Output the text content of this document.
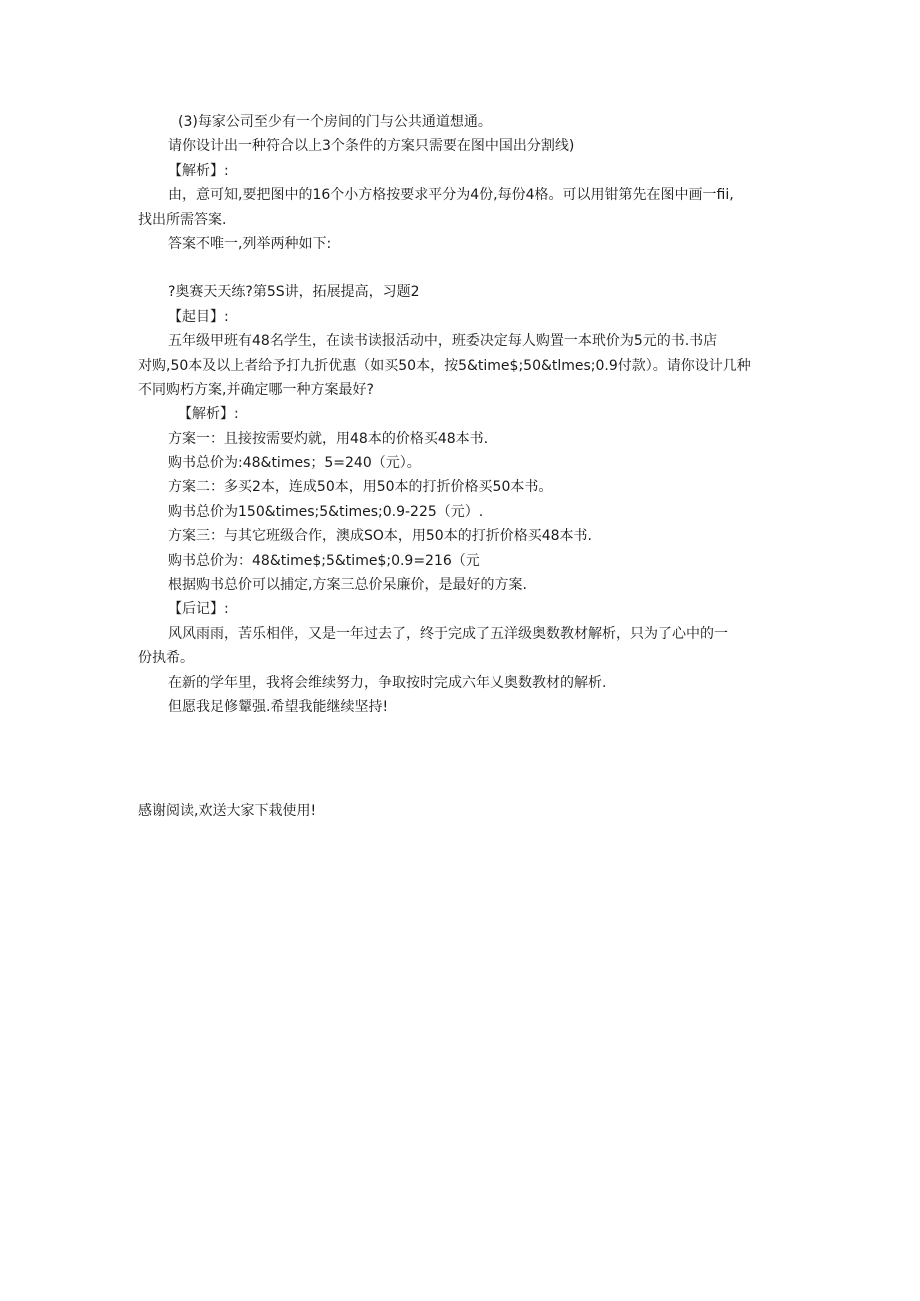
(3)每家公司至少有一个房间的门与公共通道想通。

请你设计出一种符合以上3个条件的方案只需要在图中国出分割线)

【解析】:

由，意可知,要把图中的16个小方格按要求平分为4份,每份4格。可以用钳第先在图中画一fii,

找出所需答案.

答案不唯一,列举两种如下:

?奥赛天天练?第5S讲，拓展提高，习题2

【起目】:

五年级甲班有48名学生，在读书读报活动中，班委决定每人购置一本玳价为5元的书.书店

对购,50本及以上者给予打九折优惠（如买50本，按5&time$;50&tlmes;0.9付款）。请你设计几种

不同购朽方案,并确定哪一种方案最好?

【解析】:

方案一：且接按需要灼就，用48本的价格买48本书.

购书总价为:48&times；5=240（元）。

方案二：多买2本，连成50本，用50本的打折价格买50本书。

购书总价为150&times;5&times;0.9-225（元）.

方案三：与其它班级合作，澳成SO本，用50本的打折价格买48本书.

购书总价为：48&time$;5&time$;0.9=216（元

根据购书总价可以捕定,方案三总价呆廉价，是最好的方案.

【后记】:

风风雨雨，苦乐相伴，又是一年过去了，终于完成了五洋级奥数教材解析，只为了心中的一

份执希。

在新的学年里，我将会维续努力，争取按时完成六年乂奥数教材的解析.

但愿我足修颦强.希望我能继续坚持!

感谢阅读,欢送大家下栽使用!
